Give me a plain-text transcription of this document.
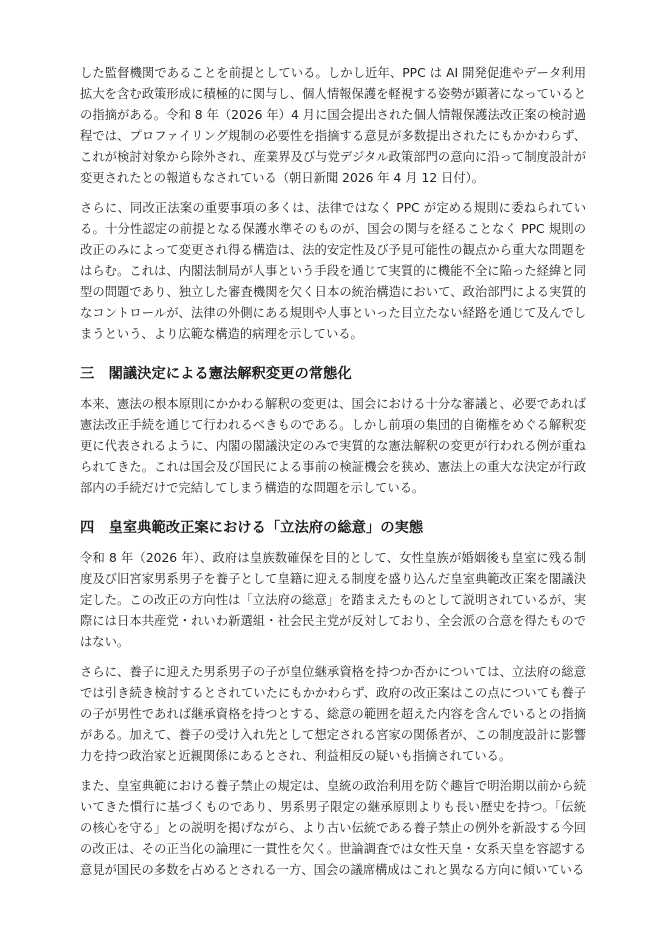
した監督機関であることを前提としている。しかし近年、PPC は AI 開発促進やデータ利用拡大を含む政策形成に積極的に関与し、個人情報保護を軽視する姿勢が顕著になっているとの指摘がある。令和 8 年（2026 年）4 月に国会提出された個人情報保護法改正案の検討過程では、プロファイリング規制の必要性を指摘する意見が多数提出されたにもかかわらず、これが検討対象から除外され、産業界及び与党デジタル政策部門の意向に沿って制度設計が変更されたとの報道もなされている（朝日新聞 2026 年 4 月 12 日付）。

さらに、同改正法案の重要事項の多くは、法律ではなく PPC が定める規則に委ねられている。十分性認定の前提となる保護水準そのものが、国会の関与を経ることなく PPC 規則の改正のみによって変更され得る構造は、法的安定性及び予見可能性の観点から重大な問題をはらむ。これは、内閣法制局が人事という手段を通じて実質的に機能不全に陥った経緯と同型の問題であり、独立した審査機関を欠く日本の統治構造において、政治部門による実質的なコントロールが、法律の外側にある規則や人事といった目立たない経路を通じて及んでしまうという、より広範な構造的病理を示している。

三　閣議決定による憲法解釈変更の常態化

本来、憲法の根本原則にかかわる解釈の変更は、国会における十分な審議と、必要であれば憲法改正手続を通じて行われるべきものである。しかし前項の集団的自衛権をめぐる解釈変更に代表されるように、内閣の閣議決定のみで実質的な憲法解釈の変更が行われる例が重ねられてきた。これは国会及び国民による事前の検証機会を狭め、憲法上の重大な決定が行政部内の手続だけで完結してしまう構造的な問題を示している。

四　皇室典範改正案における「立法府の総意」の実態

令和 8 年（2026 年）、政府は皇族数確保を目的として、女性皇族が婚姻後も皇室に残る制度及び旧宮家男系男子を養子として皇籍に迎える制度を盛り込んだ皇室典範改正案を閣議決定した。この改正の方向性は「立法府の総意」を踏まえたものとして説明されているが、実際には日本共産党・れいわ新選組・社会民主党が反対しており、全会派の合意を得たものではない。

さらに、養子に迎えた男系男子の子が皇位継承資格を持つか否かについては、立法府の総意では引き続き検討するとされていたにもかかわらず、政府の改正案はこの点についても養子の子が男性であれば継承資格を持つとする、総意の範囲を超えた内容を含んでいるとの指摘がある。加えて、養子の受け入れ先として想定される宮家の関係者が、この制度設計に影響力を持つ政治家と近親関係にあるとされ、利益相反の疑いも指摘されている。

また、皇室典範における養子禁止の規定は、皇統の政治利用を防ぐ趣旨で明治期以前から続いてきた慣行に基づくものであり、男系男子限定の継承原則よりも長い歴史を持つ。「伝統の核心を守る」との説明を掲げながら、より古い伝統である養子禁止の例外を新設する今回の改正は、その正当化の論理に一貫性を欠く。世論調査では女性天皇・女系天皇を容認する意見が国民の多数を占めるとされる一方、国会の議席構成はこれと異なる方向に傾いている
